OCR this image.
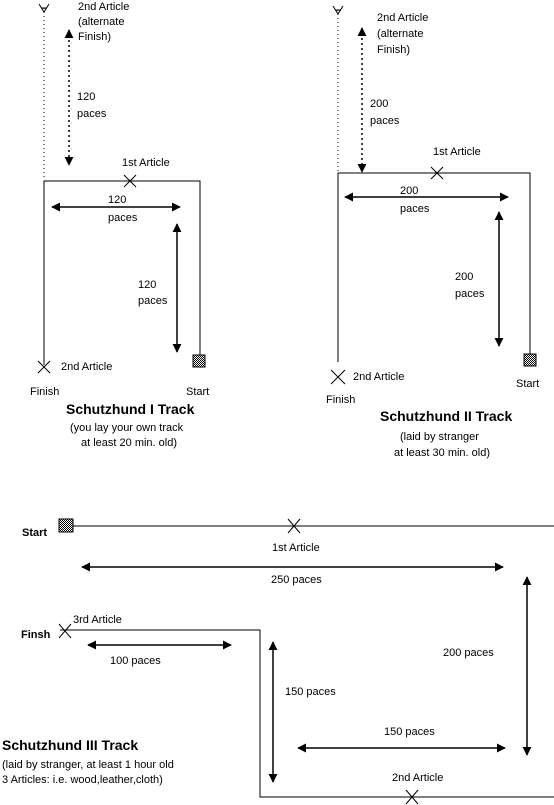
2nd Article
(alternate
Finish)
120
paces
1st Article
120
paces
120
paces
2nd Article
Finish	Start
Schutzhund I Track
(you lay your own track
at least 20 min. old)
2nd Article
(alternate
Finish)
200
paces
1st Article
200
paces
200
paces
2nd Article
Finish
Start
Schutzhund II Track
(laid by stranger
at least 30 min. old)
Start
1st Article
250 paces
3rd Article
Finsh
200 paces
100 paces
150 paces
150 paces
Schutzhund III Track
(laid by stranger, at least 1 hour old
3 Articles: i.e. wood,leather,cloth)	2nd Article
